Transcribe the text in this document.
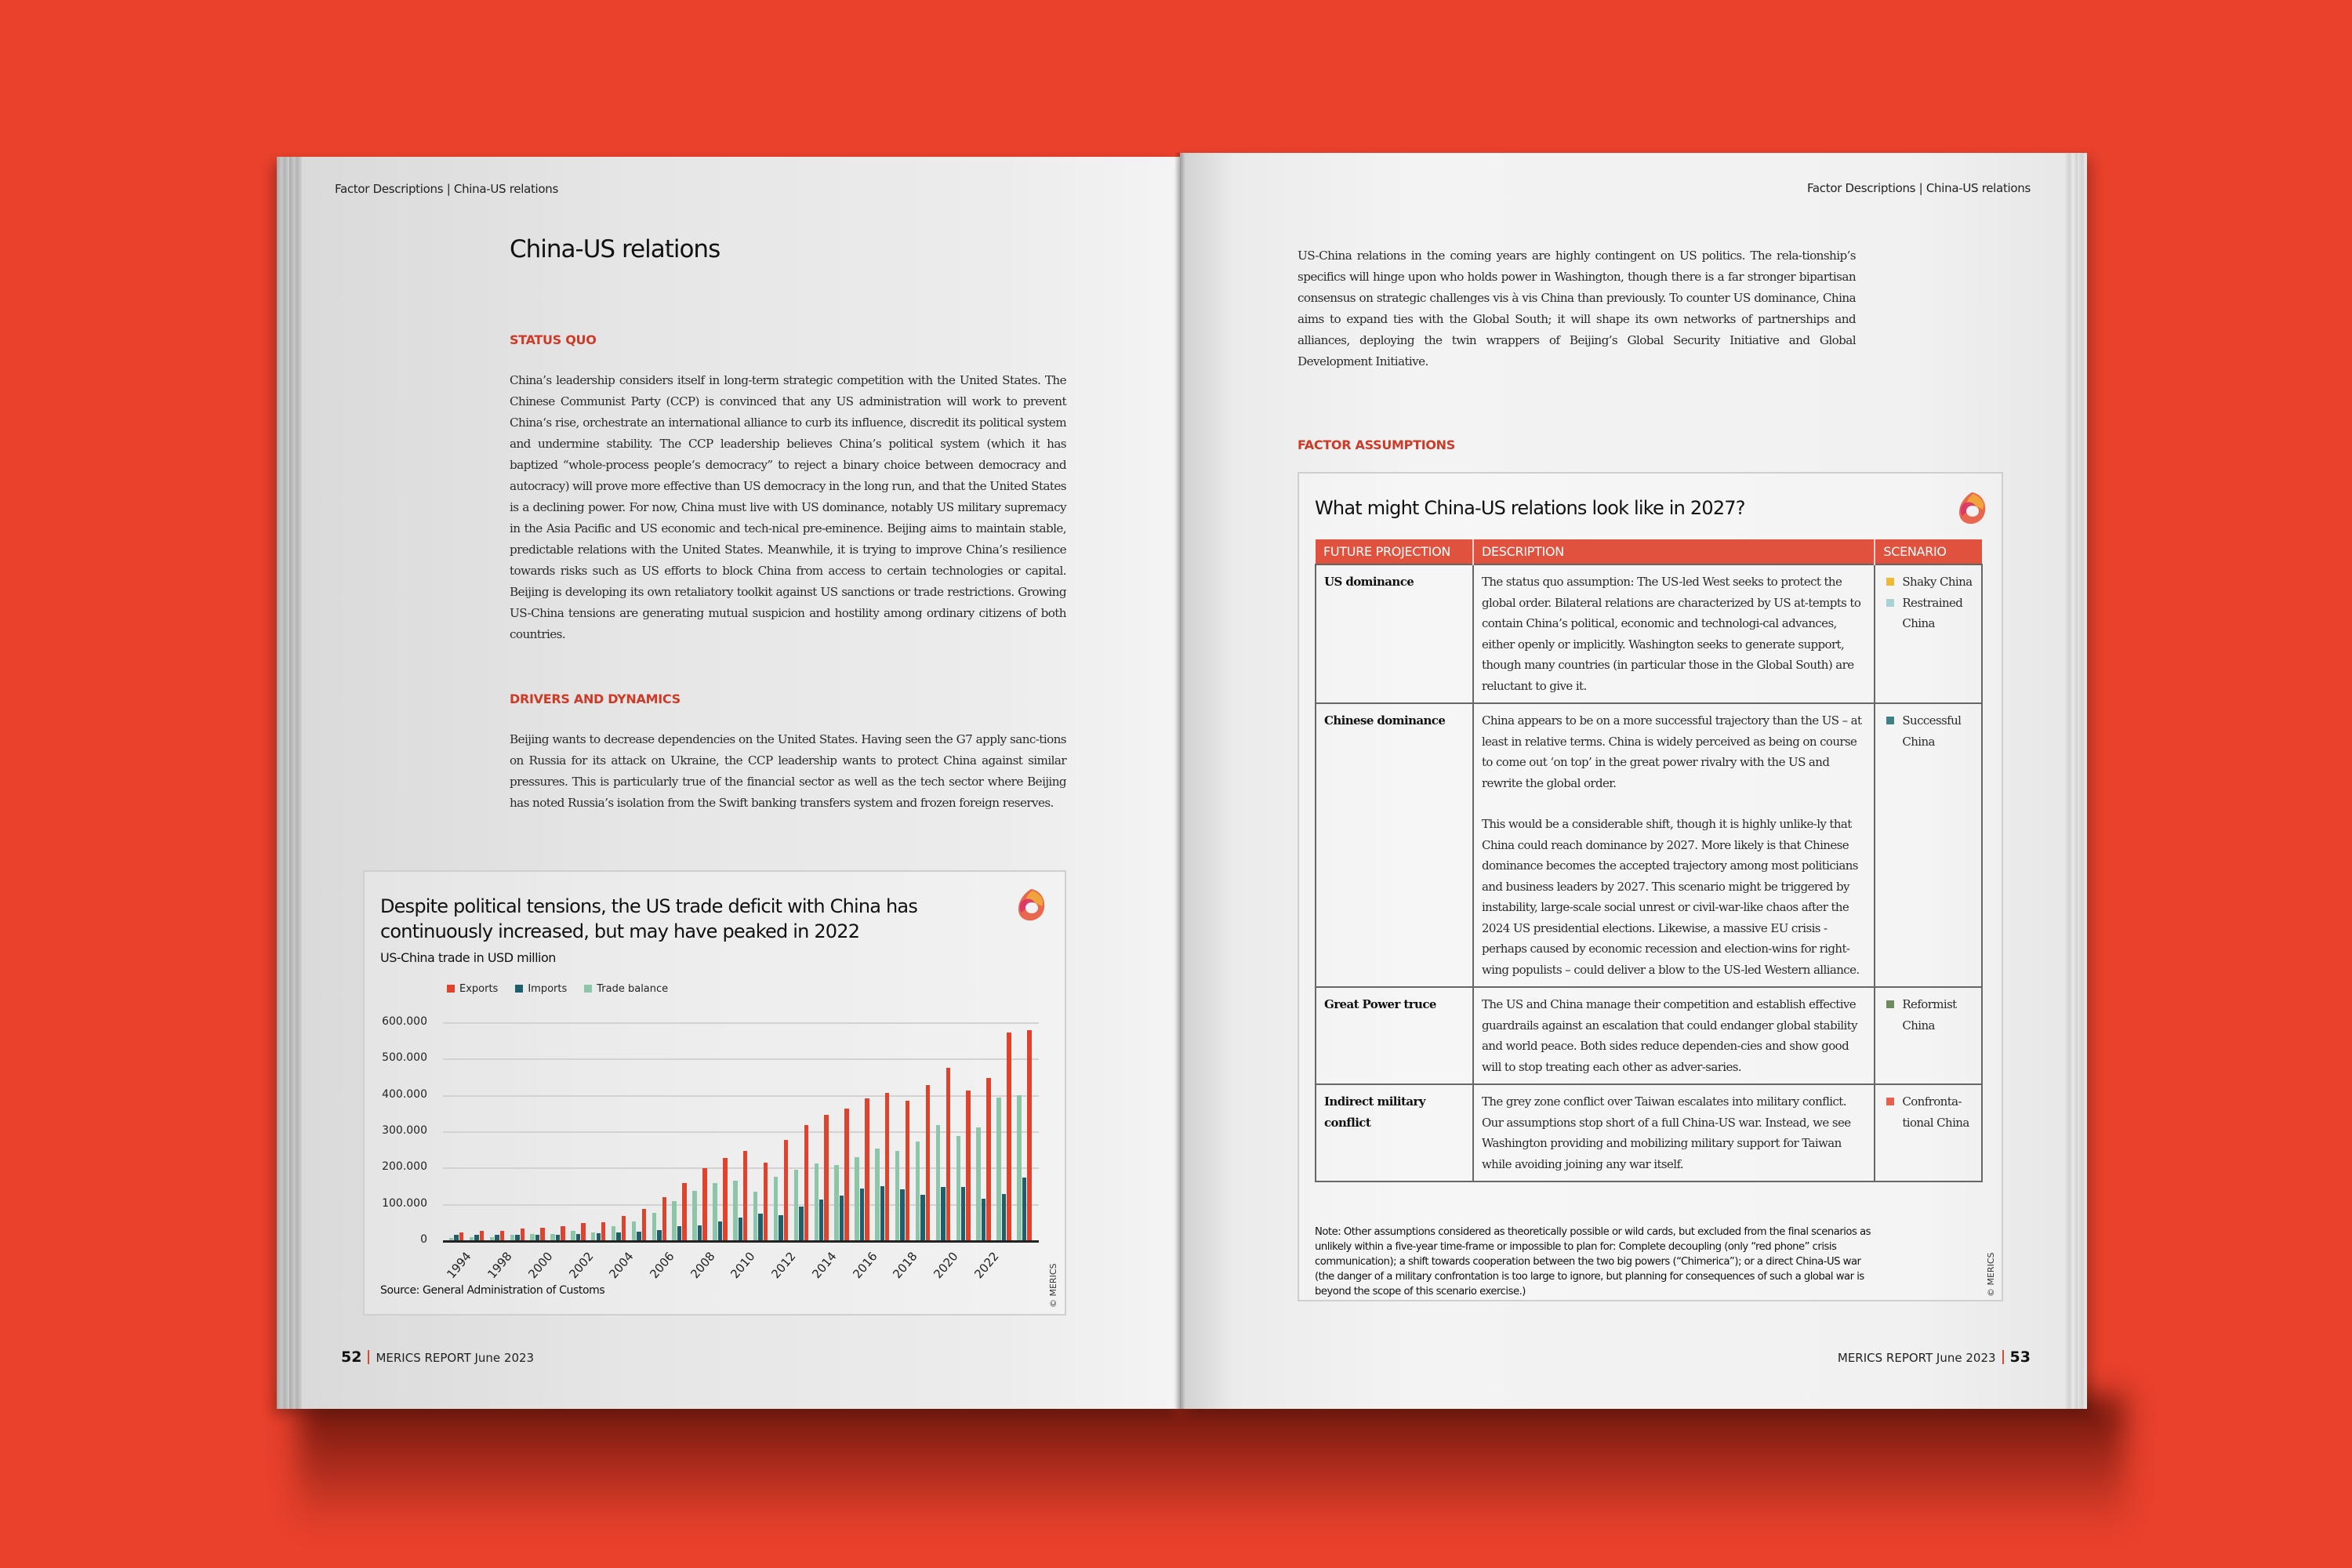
Factor Descriptions | China-US relations
China-US relations
STATUS QUO
China’s leadership considers itself in long-term strategic competition with the United States. The Chinese Communist Party (CCP) is convinced that any US administration will work to prevent China‘s rise, orchestrate an international alliance to curb its influence, discredit its political system and undermine stability. The CCP leadership believes China’s political system (which it has baptized “whole-process people‘s democracy” to reject a binary choice between democracy and autocracy) will prove more effective than US democracy in the long run, and that the United States is a declining power. For now, China must live with US dominance, notably US military supremacy in the Asia Pacific and US economic and tech-nical pre-eminence. Beijing aims to maintain stable, predictable relations with the United States. Meanwhile, it is trying to improve China’s resilience towards risks such as US efforts to block China from access to certain technologies or capital. Beijing is developing its own retaliatory toolkit against US sanctions or trade restrictions. Growing US-China tensions are generating mutual suspicion and hostility among ordinary citizens of both countries.
DRIVERS AND DYNAMICS
Beijing wants to decrease dependencies on the United States. Having seen the G7 apply sanc-tions on Russia for its attack on Ukraine, the CCP leadership wants to protect China against similar pressures. This is particularly true of the financial sector as well as the tech sector where Beijing has noted Russia’s isolation from the Swift banking transfers system and frozen foreign reserves.
Despite political tensions, the US trade deficit with China has
continuously increased, but may have peaked in 2022
US-China trade in USD million
Exports	Imports	Trade balance
Source: General Administration of Customs	© MERICS
600.000
500.000
400.000
300.000
200.000
100.000
0
1994 1998 2000 2002 2004 2006 2008 2010 2012 2014 2016 2018 2020 2022
52 MERICS REPORT June 2023
Factor Descriptions | China-US relations
US-China relations in the coming years are highly contingent on US politics. The rela-tionship’s specifics will hinge upon who holds power in Washington, though there is a far stronger bipartisan consensus on strategic challenges vis à vis China than previously. To counter US dominance, China aims to expand ties with the Global South; it will shape its own networks of partnerships and alliances, deploying the twin wrappers of Beijing’s Global Security Initiative and Global Development Initiative.
FACTOR ASSUMPTIONS
What might China-US relations look like in 2027?
FUTURE PROJECTION	DESCRIPTION	SCENARIO
US dominance	The status quo assumption: The US-led West seeks to protect the global order. Bilateral relations are characterized by US at-tempts to contain China’s political, economic and technologi-cal advances, either openly or implicitly. Washington seeks to generate support, though many countries (in particular those in the Global South) are reluctant to give it.	Shaky China
Restrained China

Chinese dominance	China appears to be on a more successful trajectory than the US – at least in relative terms. China is widely perceived as being on course to come out ‘on top’ in the great power rivalry with the US and rewrite the global order.
This would be a considerable shift, though it is highly unlike-ly that China could reach dominance by 2027. More likely is that Chinese dominance becomes the accepted trajectory among most politicians and business leaders by 2027. This scenario might be triggered by instability, large-scale social unrest or civil-war-like chaos after the 2024 US presidential elections. Likewise, a massive EU crisis - perhaps caused by economic recession and election-wins for right-wing populists – could deliver a blow to the US-led Western alliance.	Successful China

Great Power truce	The US and China manage their competition and establish effective guardrails against an escalation that could endanger global stability and world peace. Both sides reduce dependen-cies and show good will to stop treating each other as adver-saries.	Reformist China

Indirect military conflict	The grey zone conflict over Taiwan escalates into military conflict. Our assumptions stop short of a full China-US war. Instead, we see Washington providing and mobilizing military support for Taiwan while avoiding joining any war itself.	Confronta-tional China
Note: Other assumptions considered as theoretically possible or wild cards, but excluded from the final scenarios as unlikely within a five-year time-frame or impossible to plan for: Complete decoupling (only “red phone” crisis communication); a shift towards cooperation between the two big powers (“Chimerica”); or a direct China-US war (the danger of a military confrontation is too large to ignore, but planning for consequences of such a global war is beyond the scope of this scenario exercise.)	© MERICS
MERICS REPORT June 2023 53
